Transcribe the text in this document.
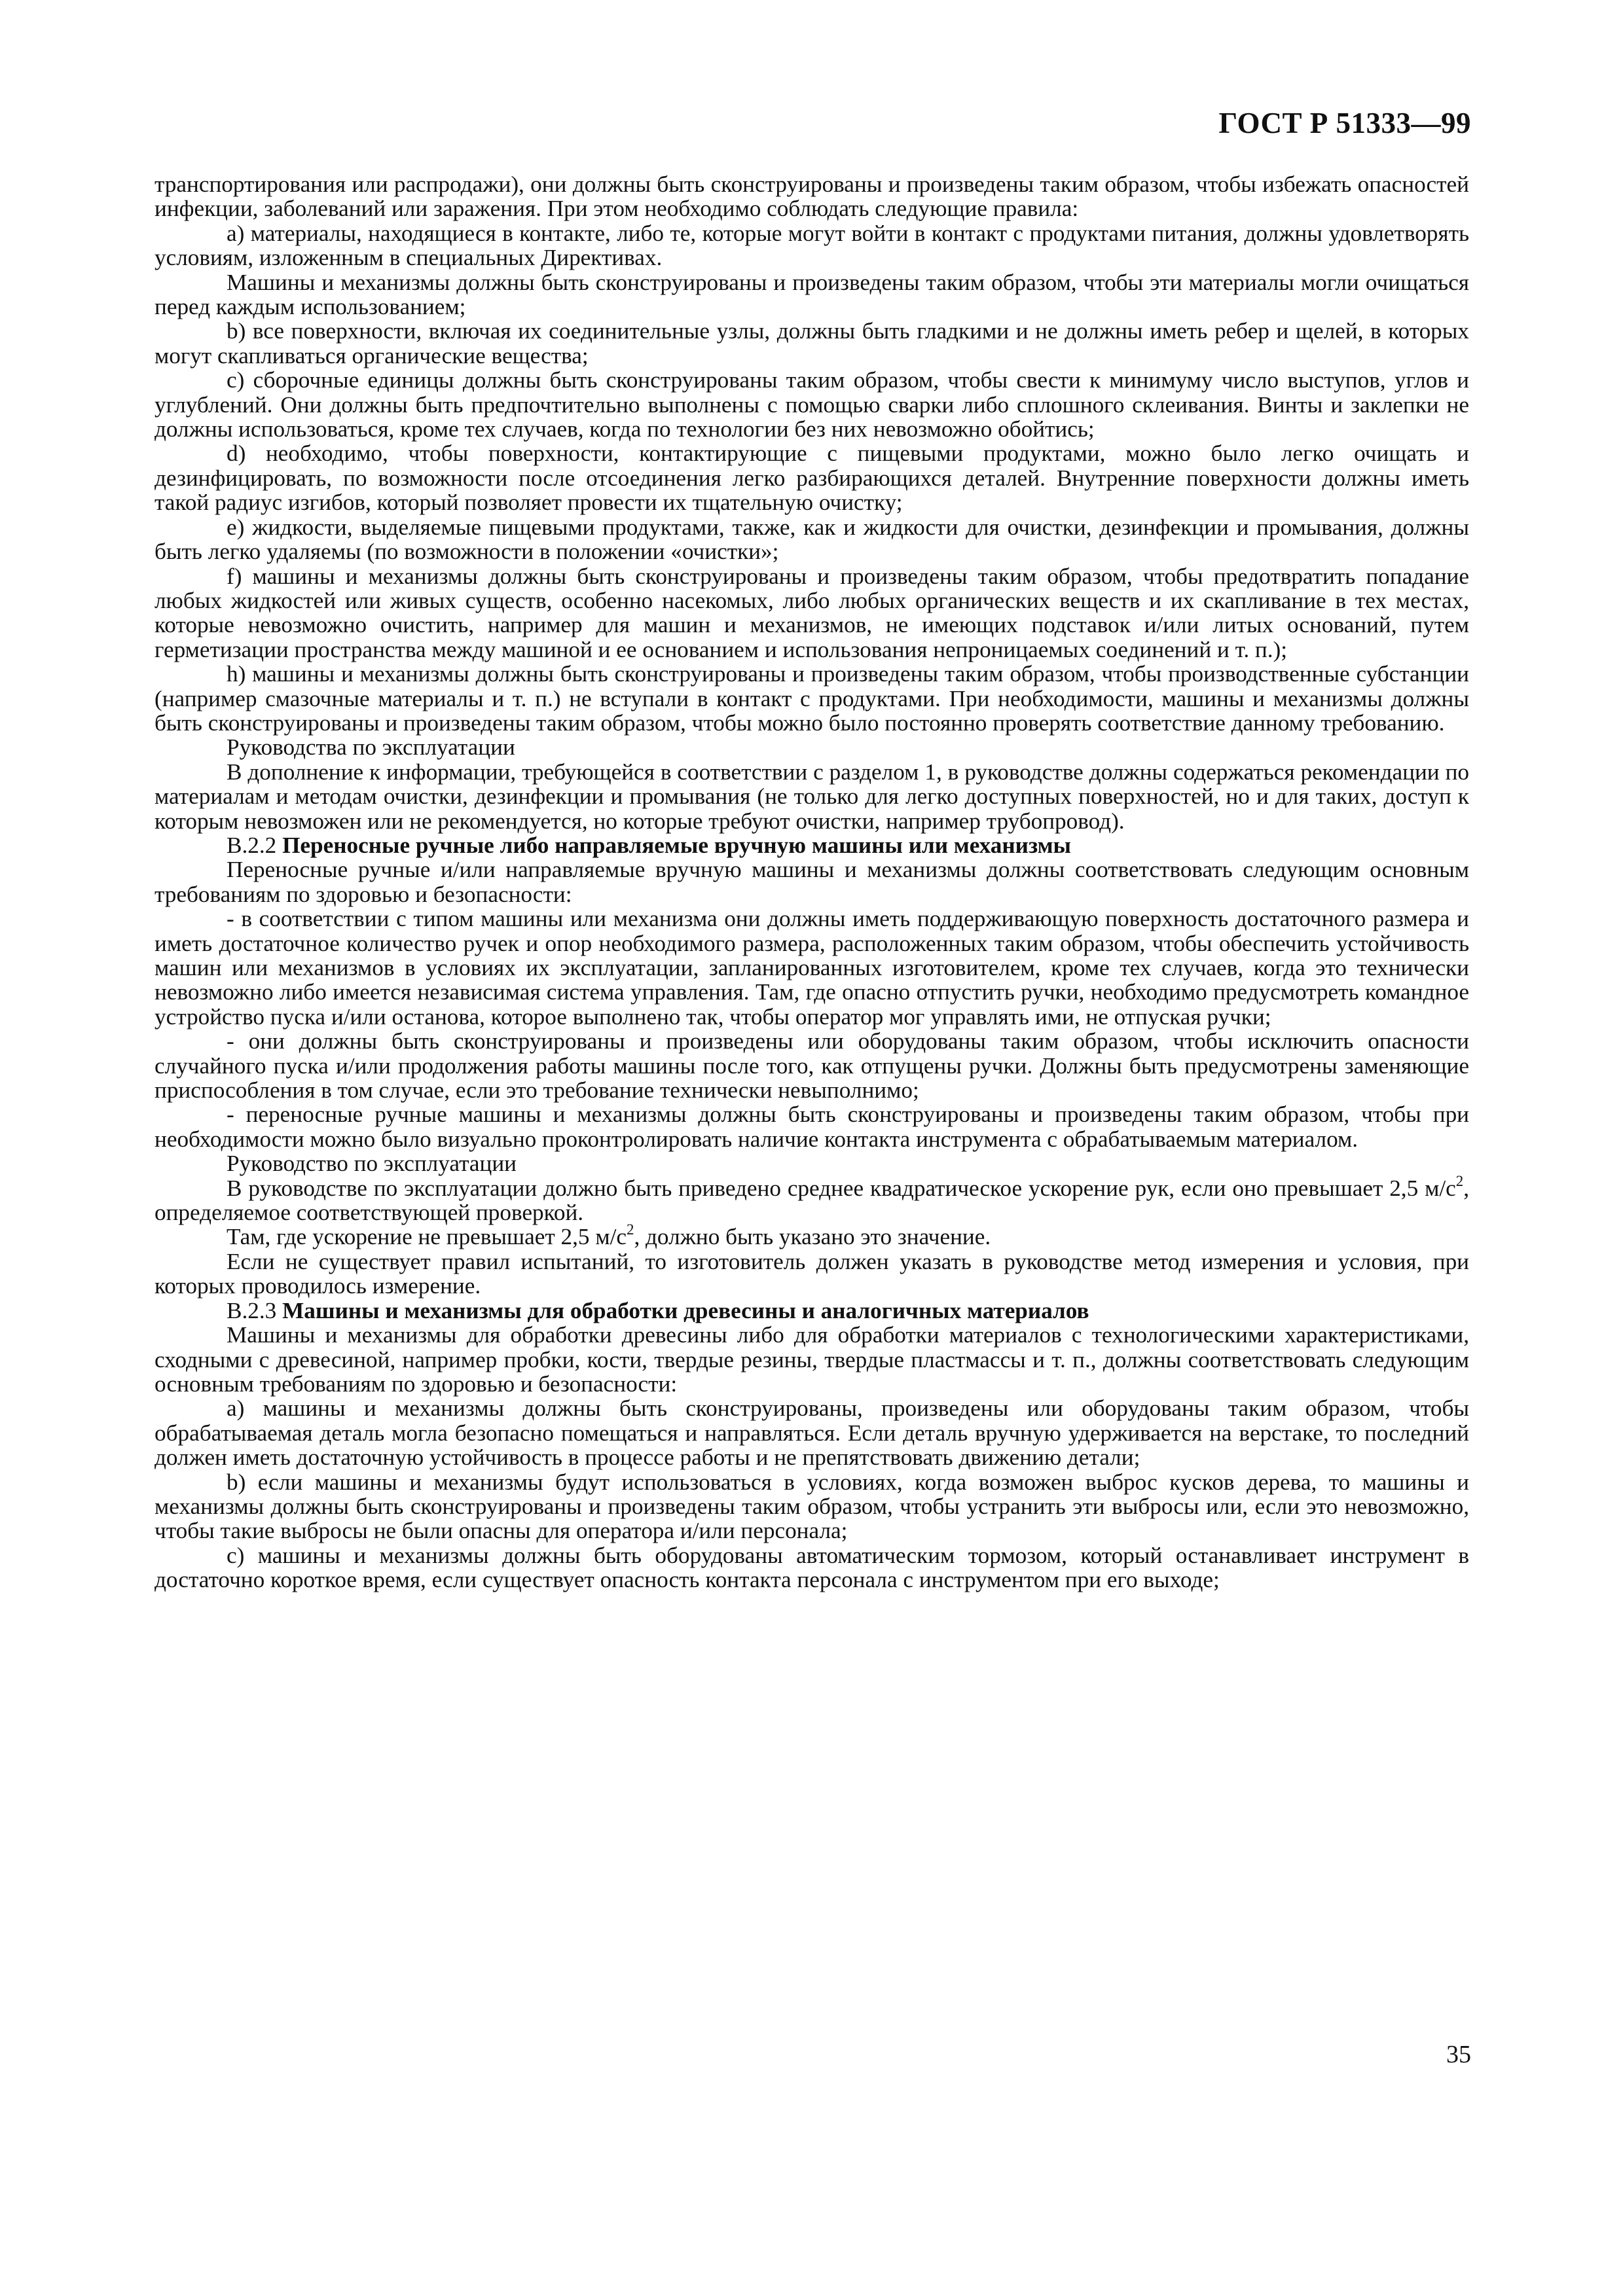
ГОСТ Р 51333—99

транспортирования или распродажи), они должны быть сконструированы и произведены таким образом, чтобы избежать опасностей инфекции, заболеваний или заражения. При этом необходимо соблюдать следующие правила:

a) материалы, находящиеся в контакте, либо те, которые могут войти в контакт с продуктами питания, должны удовлетворять условиям, изложенным в специальных Директивах.

Машины и механизмы должны быть сконструированы и произведены таким образом, чтобы эти материалы могли очищаться перед каждым использованием;

b) все поверхности, включая их соединительные узлы, должны быть гладкими и не должны иметь ребер и щелей, в которых могут скапливаться органические вещества;

c) сборочные единицы должны быть сконструированы таким образом, чтобы свести к минимуму число выступов, углов и углублений. Они должны быть предпочтительно выполнены с помощью сварки либо сплошного склеивания. Винты и заклепки не должны использоваться, кроме тех случаев, когда по технологии без них невозможно обойтись;

d) необходимо, чтобы поверхности, контактирующие с пищевыми продуктами, можно было легко очищать и дезинфицировать, по возможности после отсоединения легко разбирающихся деталей. Внутренние поверхности должны иметь такой радиус изгибов, который позволяет провести их тщательную очистку;

e) жидкости, выделяемые пищевыми продуктами, также, как и жидкости для очистки, дезинфекции и промывания, должны быть легко удаляемы (по возможности в положении «очистки»;

f) машины и механизмы должны быть сконструированы и произведены таким образом, чтобы предотвратить попадание любых жидкостей или живых существ, особенно насекомых, либо любых органических веществ и их скапливание в тех местах, которые невозможно очистить, например для машин и механизмов, не имеющих подставок и/или литых оснований, путем герметизации пространства между машиной и ее основанием и использования непроницаемых соединений и т. п.);

h) машины и механизмы должны быть сконструированы и произведены таким образом, чтобы производственные субстанции (например смазочные материалы и т. п.) не вступали в контакт с продуктами. При необходимости, машины и механизмы должны быть сконструированы и произведены таким образом, чтобы можно было постоянно проверять соответствие данному требованию.

Руководства по эксплуатации

В дополнение к информации, требующейся в соответствии с разделом 1, в руководстве должны содержаться рекомендации по материалам и методам очистки, дезинфекции и промывания (не только для легко доступных поверхностей, но и для таких, доступ к которым невозможен или не рекомендуется, но которые требуют очистки, например трубопровод).

В.2.2 Переносные ручные либо направляемые вручную машины или механизмы

Переносные ручные и/или направляемые вручную машины и механизмы должны соответствовать следующим основным требованиям по здоровью и безопасности:

- в соответствии с типом машины или механизма они должны иметь поддерживающую поверхность достаточного размера и иметь достаточное количество ручек и опор необходимого размера, расположенных таким образом, чтобы обеспечить устойчивость машин или механизмов в условиях их эксплуатации, запланированных изготовителем, кроме тех случаев, когда это технически невозможно либо имеется независимая система управления. Там, где опасно отпустить ручки, необходимо предусмотреть командное устройство пуска и/или останова, которое выполнено так, чтобы оператор мог управлять ими, не отпуская ручки;

- они должны быть сконструированы и произведены или оборудованы таким образом, чтобы исключить опасности случайного пуска и/или продолжения работы машины после того, как отпущены ручки. Должны быть предусмотрены заменяющие приспособления в том случае, если это требование технически невыполнимо;

- переносные ручные машины и механизмы должны быть сконструированы и произведены таким образом, чтобы при необходимости можно было визуально проконтролировать наличие контакта инструмента с обрабатываемым материалом.

Руководство по эксплуатации

В руководстве по эксплуатации должно быть приведено среднее квадратическое ускорение рук, если оно превышает 2,5 $м/с^2$, определяемое соответствующей проверкой.

Там, где ускорение не превышает 2,5 $м/с^2$, должно быть указано это значение.

Если не существует правил испытаний, то изготовитель должен указать в руководстве метод измерения и условия, при которых проводилось измерение.

В.2.3 Машины и механизмы для обработки древесины и аналогичных материалов

Машины и механизмы для обработки древесины либо для обработки материалов с технологическими характеристиками, сходными с древесиной, например пробки, кости, твердые резины, твердые пластмассы и т. п., должны соответствовать следующим основным требованиям по здоровью и безопасности:

a) машины и механизмы должны быть сконструированы, произведены или оборудованы таким образом, чтобы обрабатываемая деталь могла безопасно помещаться и направляться. Если деталь вручную удерживается на верстаке, то последний должен иметь достаточную устойчивость в процессе работы и не препятствовать движению детали;

b) если машины и механизмы будут использоваться в условиях, когда возможен выброс кусков дерева, то машины и механизмы должны быть сконструированы и произведены таким образом, чтобы устранить эти выбросы или, если это невозможно, чтобы такие выбросы не были опасны для оператора и/или персонала;

c) машины и механизмы должны быть оборудованы автоматическим тормозом, который останавливает инструмент в достаточно короткое время, если существует опасность контакта персонала с инструментом при его выходе;

35
